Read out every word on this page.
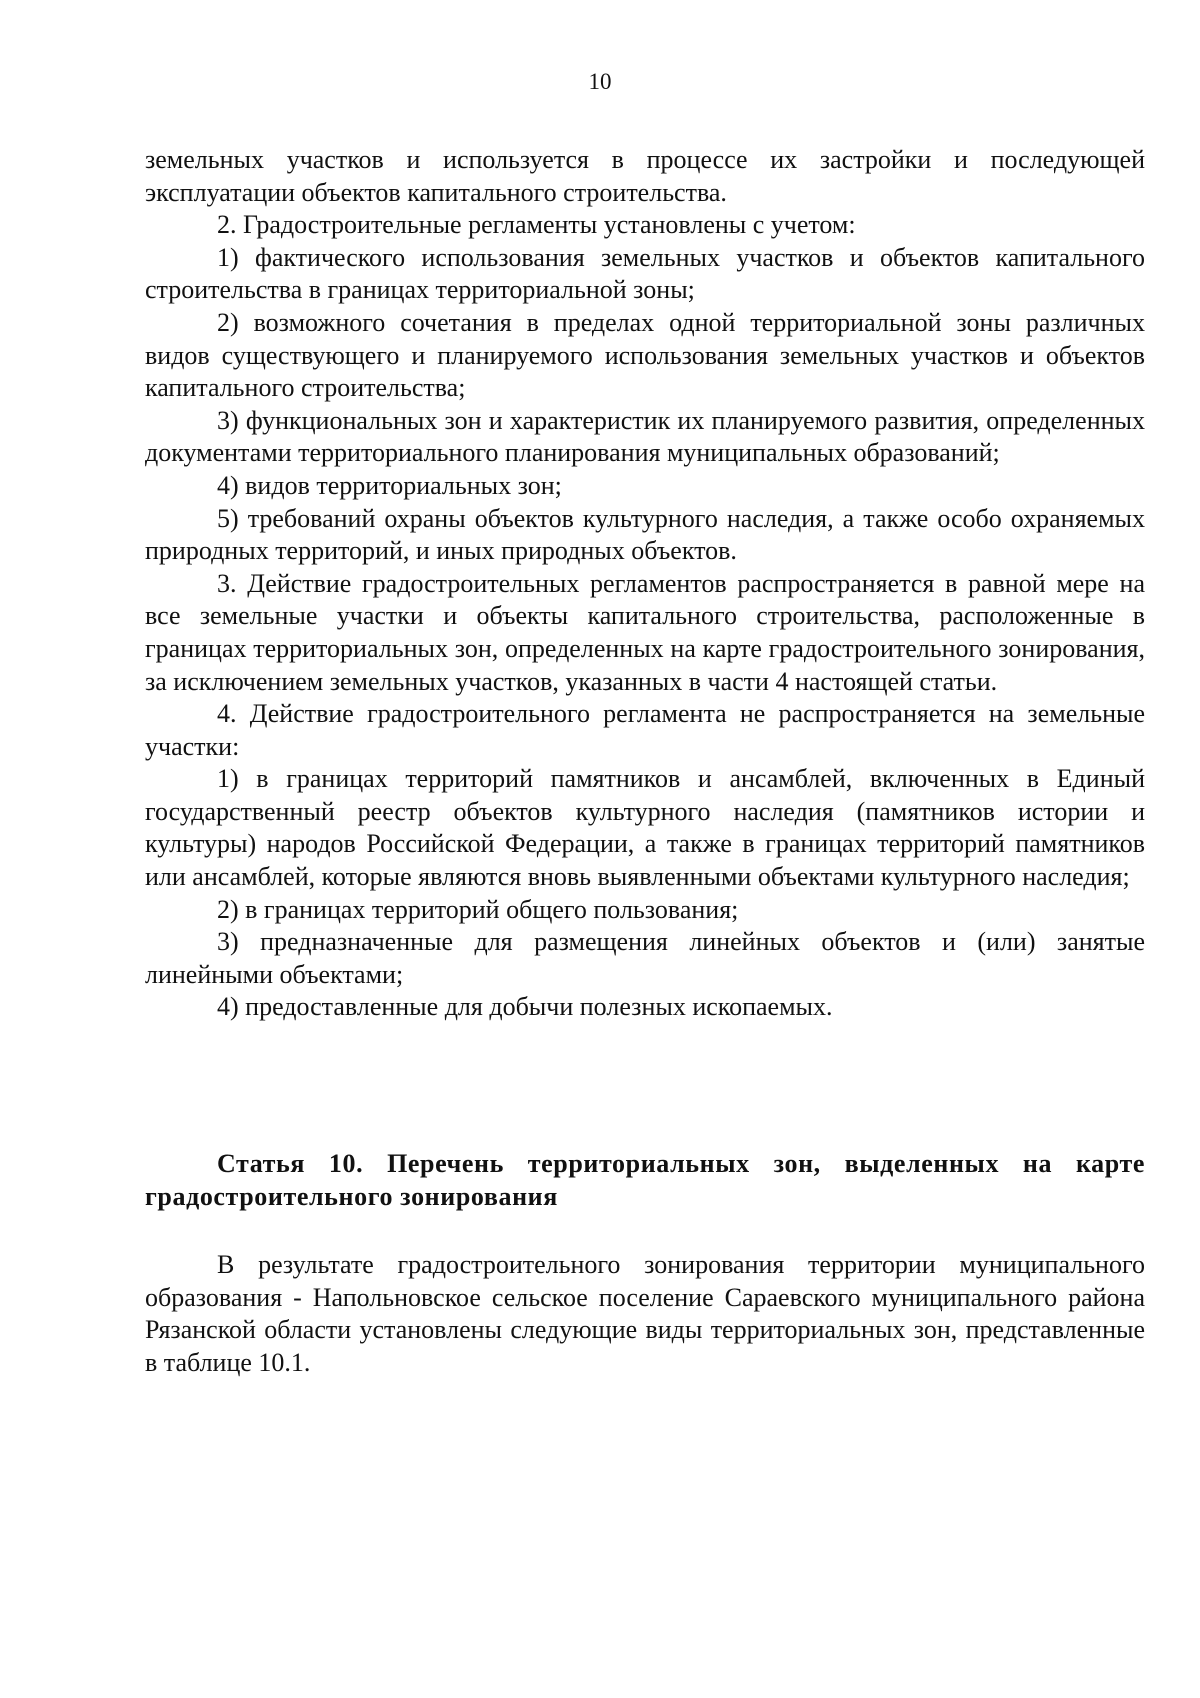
10

земельных участков и используется в процессе их застройки и последующей эксплуатации объектов капитального строительства.

2. Градостроительные регламенты установлены с учетом:

1) фактического использования земельных участков и объектов капитального строительства в границах территориальной зоны;

2) возможного сочетания в пределах одной территориальной зоны различных видов существующего и планируемого использования земельных участков и объектов капитального строительства;

3) функциональных зон и характеристик их планируемого развития, определенных документами территориального планирования муниципальных образований;

4) видов территориальных зон;

5) требований охраны объектов культурного наследия, а также особо охраняемых природных территорий, и иных природных объектов.

3. Действие градостроительных регламентов распространяется в равной мере на все земельные участки и объекты капитального строительства, расположенные в границах территориальных зон, определенных на карте градостроительного зонирования, за исключением земельных участков, указанных в части 4 настоящей статьи.

4. Действие градостроительного регламента не распространяется на земельные участки:

1) в границах территорий памятников и ансамблей, включенных в Единый государственный реестр объектов культурного наследия (памятников истории и культуры) народов Российской Федерации, а также в границах территорий памятников или ансамблей, которые являются вновь выявленными объектами культурного наследия;

2) в границах территорий общего пользования;

3) предназначенные для размещения линейных объектов и (или) занятые линейными объектами;

4) предоставленные для добычи полезных ископаемых.

Статья 10. Перечень территориальных зон, выделенных на карте градостроительного зонирования

В результате градостроительного зонирования территории муниципального образования - Напольновское сельское поселение Сараевского муниципального района Рязанской области установлены следующие виды территориальных зон, представленные в таблице 10.1.
